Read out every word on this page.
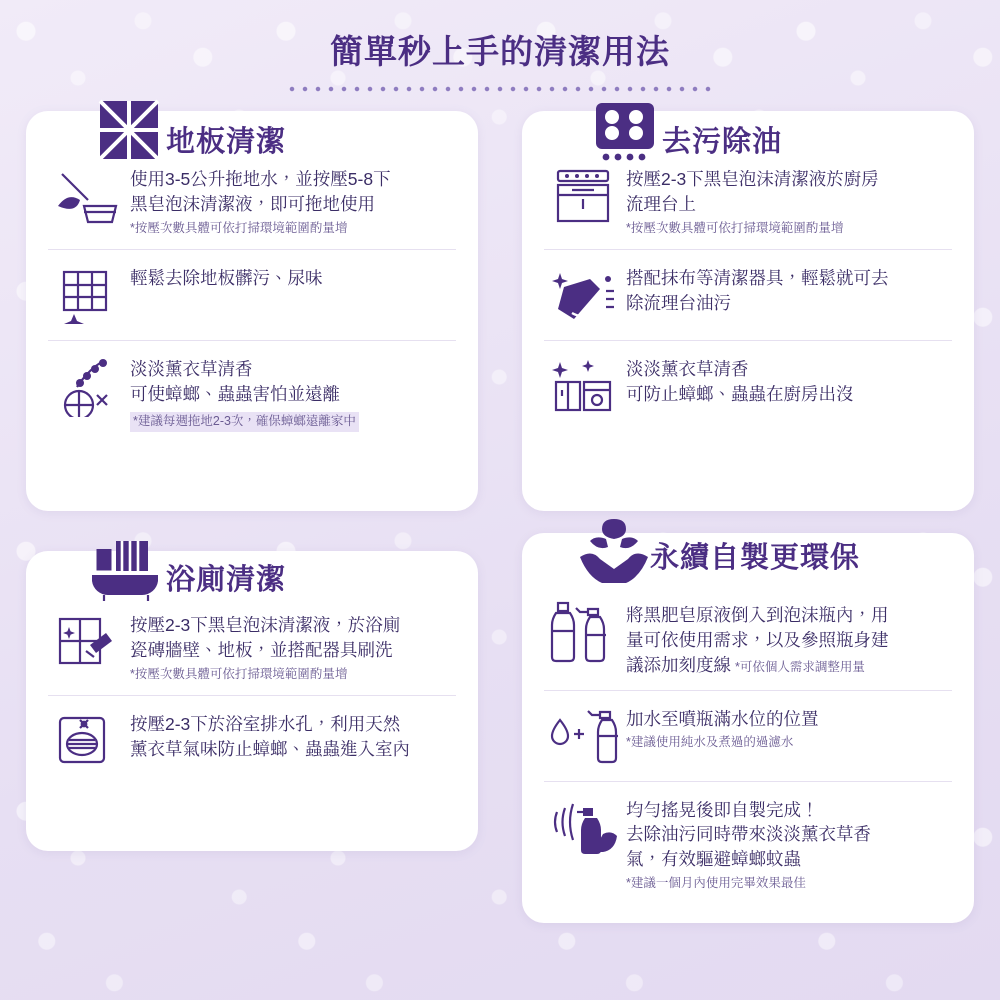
簡單秒上手的清潔用法
地板清潔
使用3-5公升拖地水，並按壓5-8下
黑皂泡沫清潔液，即可拖地使用
*按壓次數具體可依打掃環境範圍酌量增
輕鬆去除地板髒污、尿味
淡淡薰衣草清香
可使蟑螂、蟲蟲害怕並遠離
*建議每週拖地2-3次，確保蟑螂遠離家中
去污除油
按壓2-3下黑皂泡沫清潔液於廚房
流理台上
*按壓次數具體可依打掃環境範圍酌量增
搭配抹布等清潔器具，輕鬆就可去
除流理台油污
淡淡薰衣草清香
可防止蟑螂、蟲蟲在廚房出沒
浴廁清潔
按壓2-3下黑皂泡沫清潔液，於浴廁
瓷磚牆壁、地板，並搭配器具刷洗
*按壓次數具體可依打掃環境範圍酌量增
按壓2-3下於浴室排水孔，利用天然
薰衣草氣味防止蟑螂、蟲蟲進入室內
永續自製更環保
將黑肥皂原液倒入到泡沫瓶內，用
量可依使用需求，以及參照瓶身建
議添加刻度線 *可依個人需求調整用量
加水至噴瓶滿水位的位置
*建議使用純水及煮過的過濾水
均勻搖晃後即自製完成！
去除油污同時帶來淡淡薰衣草香
氣，有效驅避蟑螂蚊蟲
*建議一個月內使用完畢效果最佳
